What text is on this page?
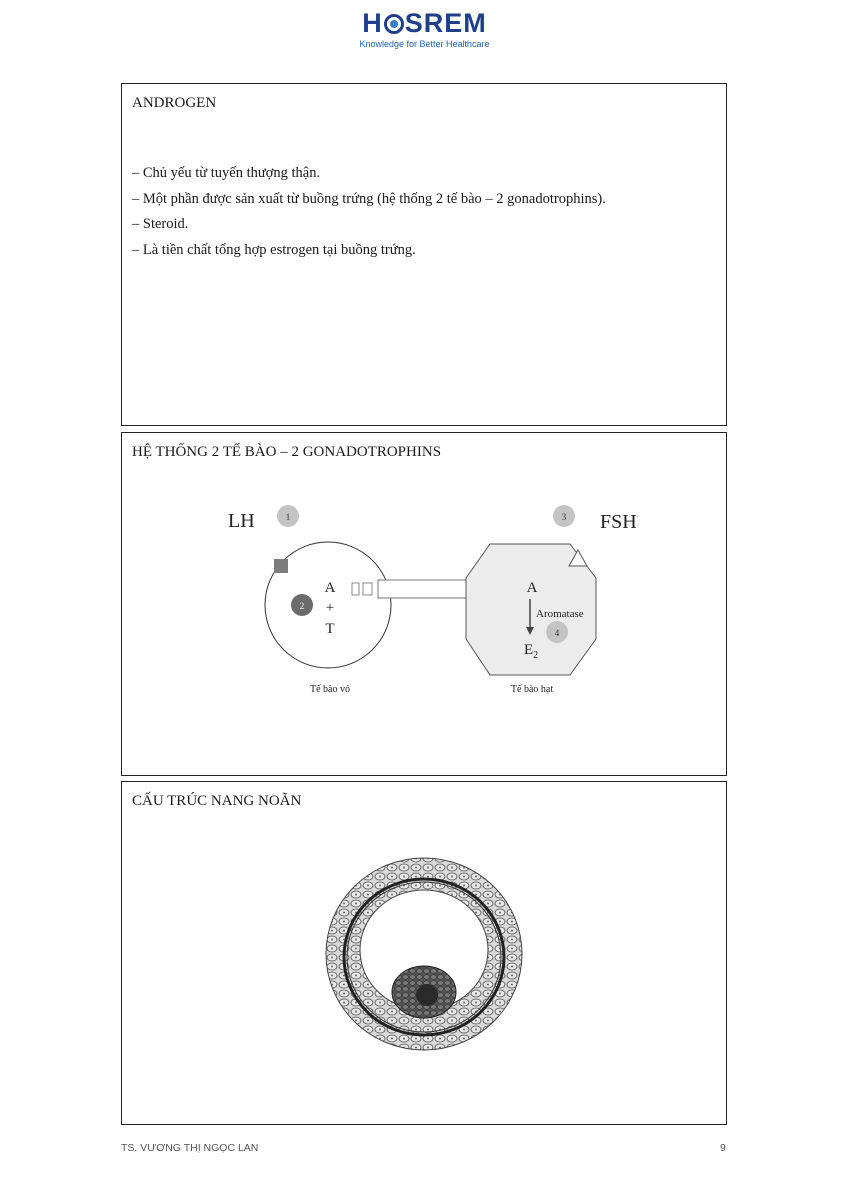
H SREM
Knowledge for Better Healthcare
ANDROGEN
– Chủ yếu từ tuyến thượng thận.
– Một phần được sản xuất từ buồng trứng (hệ thống 2 tế bào – 2 gonadotrophins).
– Steroid.
– Là tiền chất tổng hợp estrogen tại buồng trứng.
HỆ THỐNG 2 TẾ BÀO – 2 GONADOTROPHINS
LH	1	3 FSH
2
A
+
T
Tế bào vỏ
A
Aromatase
4
$E_2$
Tế bào hạt
CẤU TRÚC NANG NOÃN
TS. VƯƠNG THỊ NGỌC LAN	9
